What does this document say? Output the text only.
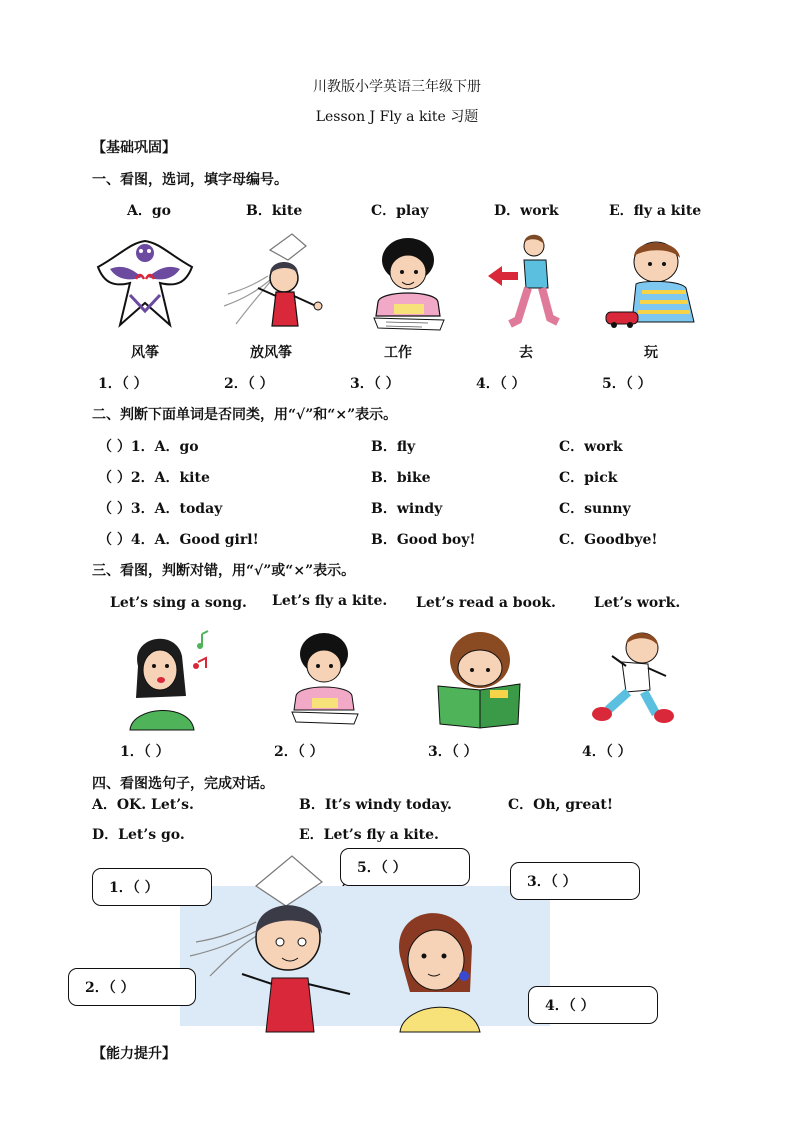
川教版小学英语三年级下册
Lesson J Fly a kite 习题
【基础巩固】
一、看图，选词，填字母编号。
A．go	B．kite	C．play	D．work	E．fly a kite
风筝	放风筝	工作	去	玩
1．（ ）	2．（ ）	3．（ ）	4．（ ）	5．（ ）
二、判断下面单词是否同类，用“√”和“×”表示。
（ ）1．A．go	B．fly	C．work
（ ）2．A．kite	B．bike	C．pick
（ ）3．A．today	B．windy	C．sunny
（ ）4．A．Good girl!	B．Good boy!	C．Goodbye!
三、看图，判断对错，用“√”或“×”表示。
Let’s sing a song. Let’s fly a kite. Let’s read a book.	Let’s work.
1．（ ）	2．（ ）	3．（ ）	4．（ ）
四、看图选句子，完成对话。
A．OK. Let’s.	B．It’s windy today.	C．Oh, great!
D．Let’s go.	E．Let’s fly a kite.
1．（ ）
2．（ ）
3．（ ）
4．（ ）
5．（ ）
【能力提升】
